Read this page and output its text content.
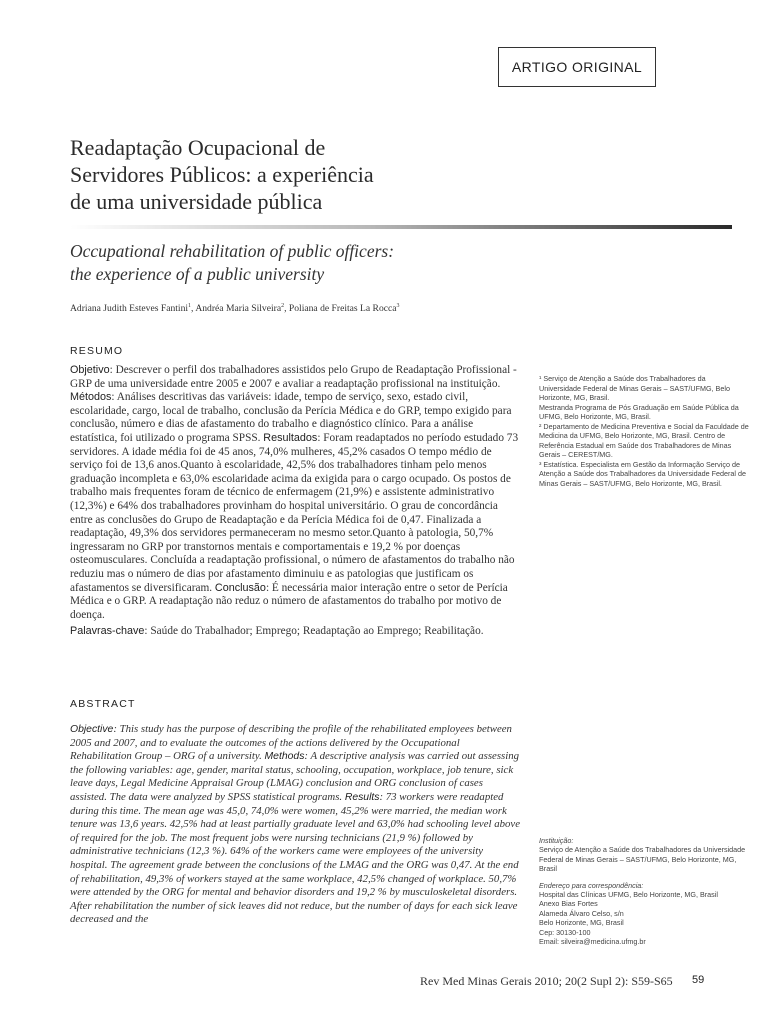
ARTIGO ORIGINAL
Readaptação Ocupacional de
Servidores Públicos: a experiência
de uma universidade pública
Occupational rehabilitation of public officers:
the experience of a public university
Adriana Judith Esteves Fantini$^1$, Andréa Maria Silveira$^2$, Poliana de Freitas La Rocca$^3$
RESUMO

Objetivo: Descrever o perfil dos trabalhadores assistidos pelo Grupo de Readaptação Profissional - GRP de uma universidade entre 2005 e 2007 e avaliar a readaptação profissional na instituição. Métodos: Análises descritivas das variáveis: idade, tempo de serviço, sexo, estado civil, escolaridade, cargo, local de trabalho, conclusão da Perícia Médica e do GRP, tempo exigido para conclusão, número e dias de afastamento do trabalho e diagnóstico clínico. Para a análise estatística, foi utilizado o programa SPSS. Resultados: Foram readaptados no período estudado 73 servidores. A idade média foi de 45 anos, 74,0% mulheres, 45,2% casados O tempo médio de serviço foi de 13,6 anos.Quanto à escolaridade, 42,5% dos trabalhadores tinham pelo menos graduação incompleta e 63,0% escolaridade acima da exigida para o cargo ocupado. Os postos de trabalho mais frequentes foram de técnico de enfermagem (21,9%) e assistente administrativo (12,3%) e 64% dos trabalhadores provinham do hospital universitário. O grau de concordância entre as conclusões do Grupo de Readaptação e da Perícia Médica foi de 0,47. Finalizada a readaptação, 49,3% dos servidores permaneceram no mesmo setor.Quanto à patologia, 50,7% ingressaram no GRP por transtornos mentais e comportamentais e 19,2 % por doenças osteomusculares. Concluída a readaptação profissional, o número de afastamentos do trabalho não reduziu mas o número de dias por afastamento diminuiu e as patologias que justificam os afastamentos se diversificaram. Conclusão: É necessária maior interação entre o setor de Perícia Médica e o GRP. A readaptação não reduz o número de afastamentos do trabalho por motivo de doença.

Palavras-chave: Saúde do Trabalhador; Emprego; Readaptação ao Emprego; Reabilitação.

ABSTRACT

Objective: This study has the purpose of describing the profile of the rehabilitated employees between 2005 and 2007, and to evaluate the outcomes of the actions delivered by the Occupational Rehabilitation Group – ORG of a university. Methods: A descriptive analysis was carried out assessing the following variables: age, gender, marital status, schooling, occupation, workplace, job tenure, sick leave days, Legal Medicine Appraisal Group (LMAG) conclusion and ORG conclusion of cases assisted. The data were analyzed by SPSS statistical programs. Results: 73 workers were readapted during this time. The mean age was 45,0, 74,0% were women, 45,2% were married, the median work tenure was 13,6 years. 42,5% had at least partially graduate level and 63,0% had schooling level above of required for the job. The most frequent jobs were nursing technicians (21,9 %) followed by administrative technicians (12,3 %). 64% of the workers came were employees of the university hospital. The agreement grade between the conclusions of the LMAG and the ORG was 0,47. At the end of rehabilitation, 49,3% of workers stayed at the same workplace, 42,5% changed of workplace. 50,7% were attended by the ORG for mental and behavior disorders and 19,2 % by musculoskeletal disorders. After rehabilitation the number of sick leaves did not reduce, but the number of days for each sick leave decreased and the

¹ Serviço de Atenção a Saúde dos Trabalhadores da Universidade Federal de Minas Gerais – SAST/UFMG, Belo Horizonte, MG, Brasil.
Mestranda Programa de Pós Graduação em Saúde Pública da UFMG, Belo Horizonte, MG, Brasil.
² Departamento de Medicina Preventiva e Social da Faculdade de Medicina da UFMG, Belo Horizonte, MG, Brasil. Centro de Referência Estadual em Saúde dos Trabalhadores de Minas Gerais – CEREST/MG.
³ Estatística. Especialista em Gestão da Informação Serviço de Atenção a Saúde dos Trabalhadores da Universidade Federal de Minas Gerais – SAST/UFMG, Belo Horizonte, MG, Brasil.
Instituição:
Serviço de Atenção a Saúde dos Trabalhadores da Universidade Federal de Minas Gerais – SAST/UFMG, Belo Horizonte, MG, Brasil
Endereço para correspondência:
Hospital das Clínicas UFMG, Belo Horizonte, MG, Brasil
Anexo Bias Fortes
Alameda Álvaro Celso, s/n
Belo Horizonte, MG, Brasil
Cep: 30130-100
Email: silveira@medicina.ufmg.br
Rev Med Minas Gerais 2010; 20(2 Supl 2): S59-S65 59
